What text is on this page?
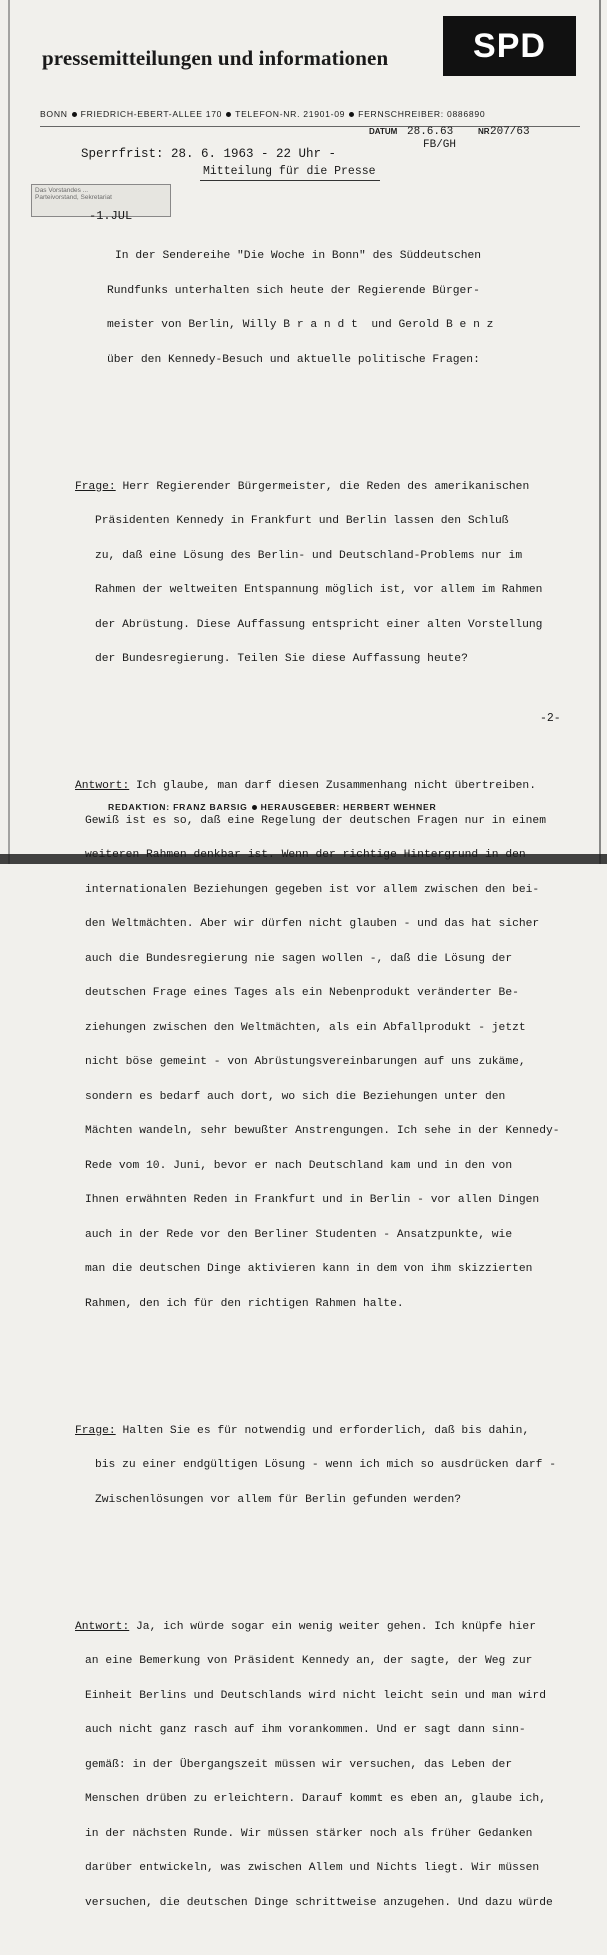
pressemitteilungen und informationen	SPD
BONN FRIEDRICH-EBERT-ALLEE 170 TELEFON-NR. 21901-09 FERNSCHREIBER: 0886890
DATUM 28.6.63	NR 207/63
FB/GH
Sperrfrist: 28. 6. 1963 - 22 Uhr -
Mitteilung für die Presse
Das Vorstandes ...
Parteivorstand, Sekretariat
-1.JUL

In der Sendereihe "Die Woche in Bonn" des Süddeutschen

Rundfunks unterhalten sich heute der Regierende Bürger-

meister von Berlin, Willy B r a n d t  und Gerold B e n z

über den Kennedy-Besuch und aktuelle politische Fragen:

Frage: Herr Regierender Bürgermeister, die Reden des amerikanischen

Präsidenten Kennedy in Frankfurt und Berlin lassen den Schluß

zu, daß eine Lösung des Berlin- und Deutschland-Problems nur im

Rahmen der weltweiten Entspannung möglich ist, vor allem im Rahmen

der Abrüstung. Diese Auffassung entspricht einer alten Vorstellung

der Bundesregierung. Teilen Sie diese Auffassung heute?

Antwort: Ich glaube, man darf diesen Zusammenhang nicht übertreiben.

Gewiß ist es so, daß eine Regelung der deutschen Fragen nur in einem

weiteren Rahmen denkbar ist. Wenn der richtige Hintergrund in den

internationalen Beziehungen gegeben ist vor allem zwischen den bei-

den Weltmächten. Aber wir dürfen nicht glauben - und das hat sicher

auch die Bundesregierung nie sagen wollen -, daß die Lösung der

deutschen Frage eines Tages als ein Nebenprodukt veränderter Be-

ziehungen zwischen den Weltmächten, als ein Abfallprodukt - jetzt

nicht böse gemeint - von Abrüstungsvereinbarungen auf uns zukäme,

sondern es bedarf auch dort, wo sich die Beziehungen unter den

Mächten wandeln, sehr bewußter Anstrengungen. Ich sehe in der Kennedy-

Rede vom 10. Juni, bevor er nach Deutschland kam und in den von

Ihnen erwähnten Reden in Frankfurt und in Berlin - vor allen Dingen

auch in der Rede vor den Berliner Studenten - Ansatzpunkte, wie

man die deutschen Dinge aktivieren kann in dem von ihm skizzierten

Rahmen, den ich für den richtigen Rahmen halte.

Frage: Halten Sie es für notwendig und erforderlich, daß bis dahin,

bis zu einer endgültigen Lösung - wenn ich mich so ausdrücken darf -

Zwischenlösungen vor allem für Berlin gefunden werden?

Antwort: Ja, ich würde sogar ein wenig weiter gehen. Ich knüpfe hier

an eine Bemerkung von Präsident Kennedy an, der sagte, der Weg zur

Einheit Berlins und Deutschlands wird nicht leicht sein und man wird

auch nicht ganz rasch auf ihm vorankommen. Und er sagt dann sinn-

gemäß: in der Übergangszeit müssen wir versuchen, das Leben der

Menschen drüben zu erleichtern. Darauf kommt es eben an, glaube ich,

in der nächsten Runde. Wir müssen stärker noch als früher Gedanken

darüber entwickeln, was zwischen Allem und Nichts liegt. Wir müssen

versuchen, die deutschen Dinge schrittweise anzugehen. Und dazu würde

-2-
REDAKTION: FRANZ BARSIG HERAUSGEBER: HERBERT WEHNER
